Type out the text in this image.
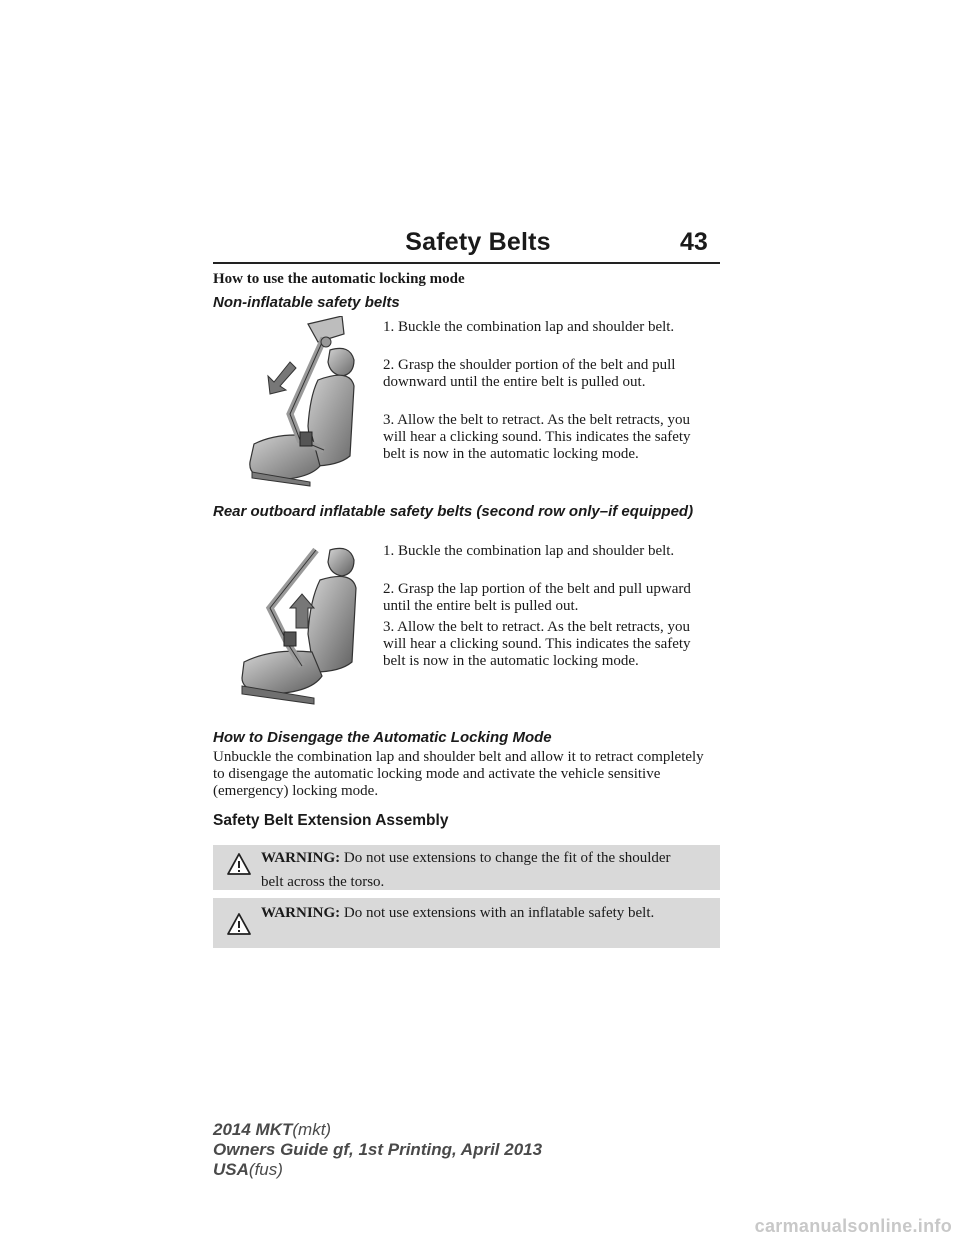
Safety Belts	43
How to use the automatic locking mode
Non-inflatable safety belts
1. Buckle the combination lap and shoulder belt.
2. Grasp the shoulder portion of the belt and pull downward until the entire belt is pulled out.
3. Allow the belt to retract. As the belt retracts, you will hear a clicking sound. This indicates the safety belt is now in the automatic locking mode.
Rear outboard inflatable safety belts (second row only–if equipped)
1. Buckle the combination lap and shoulder belt.
2. Grasp the lap portion of the belt and pull upward until the entire belt is pulled out.
3. Allow the belt to retract. As the belt retracts, you will hear a clicking sound. This indicates the safety belt is now in the automatic locking mode.
How to Disengage the Automatic Locking Mode
Unbuckle the combination lap and shoulder belt and allow it to retract completely to disengage the automatic locking mode and activate the vehicle sensitive (emergency) locking mode.
Safety Belt Extension Assembly
WARNING: Do not use extensions to change the fit of the shoulder belt across the torso.
WARNING: Do not use extensions with an inflatable safety belt.
2014 MKT(mkt)
Owners Guide gf, 1st Printing, April 2013
USA(fus)
carmanualsonline.info
